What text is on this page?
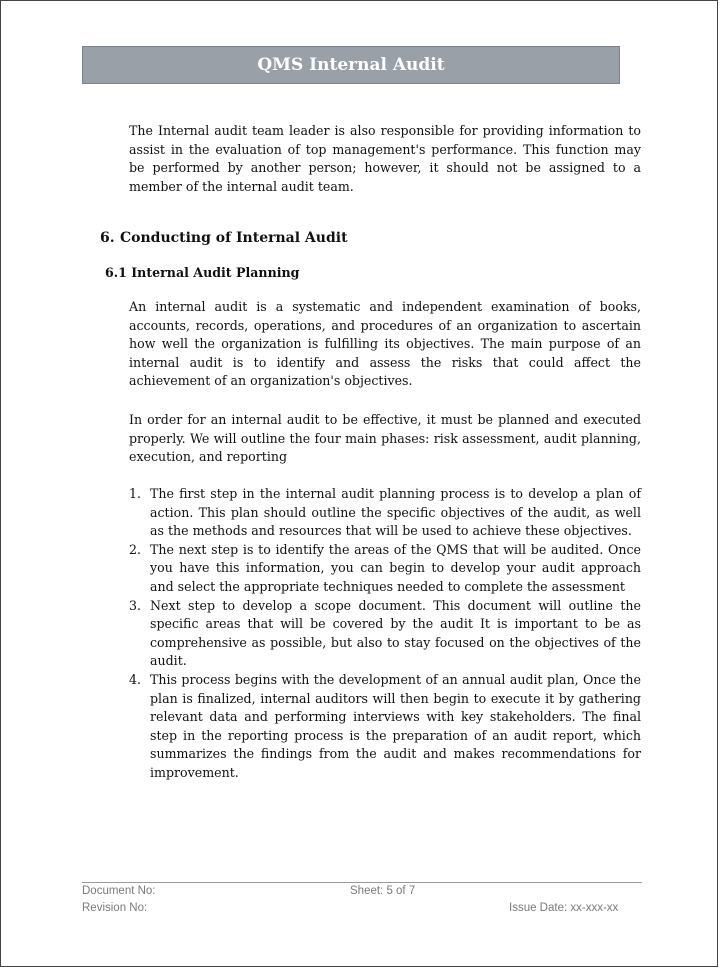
QMS Internal Audit

The Internal audit team leader is also responsible for providing information to assist in the evaluation of top management's performance. This function may be performed by another person; however, it should not be assigned to a member of the internal audit team.

6. Conducting of Internal Audit
6.1 Internal Audit Planning

An internal audit is a systematic and independent examination of books, accounts, records, operations, and procedures of an organization to ascertain how well the organization is fulfilling its objectives. The main purpose of an internal audit is to identify and assess the risks that could affect the achievement of an organization's objectives.

In order for an internal audit to be effective, it must be planned and executed properly. We will outline the four main phases: risk assessment, audit planning, execution, and reporting

1. The first step in the internal audit planning process is to develop a plan of action. This plan should outline the specific objectives of the audit, as well as the methods and resources that will be used to achieve these objectives.
2. The next step is to identify the areas of the QMS that will be audited. Once you have this information, you can begin to develop your audit approach and select the appropriate techniques needed to complete the assessment
3. Next step to develop a scope document. This document will outline the specific areas that will be covered by the audit It is important to be as comprehensive as possible, but also to stay focused on the objectives of the audit.
4. This process begins with the development of an annual audit plan, Once the plan is finalized, internal auditors will then begin to execute it by gathering relevant data and performing interviews with key stakeholders. The final step in the reporting process is the preparation of an audit report, which summarizes the findings from the audit and makes recommendations for improvement.
Document No:	Sheet: 5 of 7
Revision No:	Issue Date: xx-xxx-xx
